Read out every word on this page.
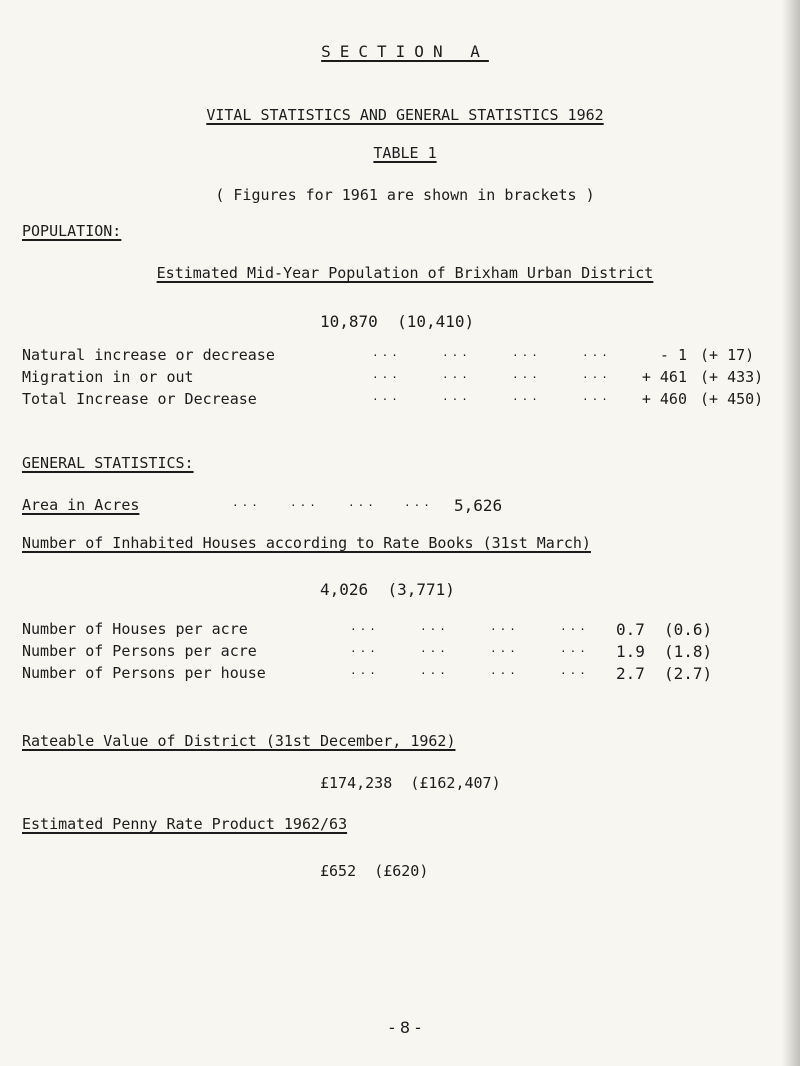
SECTION A
VITAL STATISTICS AND GENERAL STATISTICS 1962
TABLE 1
( Figures for 1961 are shown in brackets )
POPULATION:
Estimated Mid-Year Population of Brixham Urban District
10,870 (10,410)
Natural increase or decrease	...	...	...	...	- 1 (+ 17)
Migration in or out	...	...	...	...	+ 461 (+ 433)
Total Increase or Decrease	...	...	...	...	+ 460 (+ 450)
GENERAL STATISTICS:
Area in Acres	...	...	... ... 5,626
Number of Inhabited Houses according to Rate Books (31st March)
4,026 (3,771)
Number of Houses per acre	...	...	...	... 0.7 (0.6)
Number of Persons per acre	...	...	...	... 1.9 (1.8)
Number of Persons per house	...	...	...	... 2.7 (2.7)
Rateable Value of District (31st December, 1962)
£174,238 (£162,407)
Estimated Penny Rate Product 1962/63
£652 (£620)
- 8 -
